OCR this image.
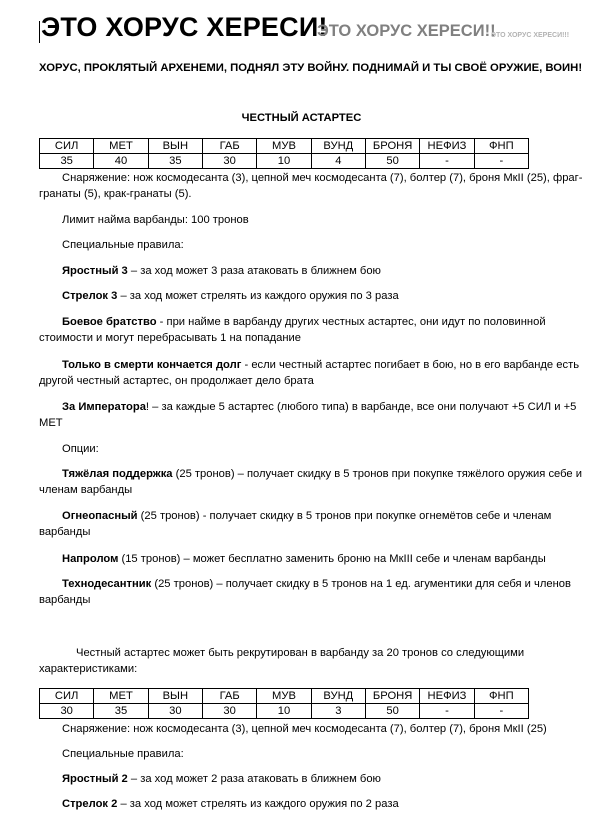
ЭТО ХОРУС ХЕРЕСИ!
ЭТО ХОРУС ХЕРЕСИ!!
ЭТО ХОРУС ХЕРЕСИ!!!
ХОРУС, ПРОКЛЯТЫЙ АРХЕНЕМИ, ПОДНЯЛ ЭТУ ВОЙНУ. ПОДНИМАЙ И ТЫ СВОЁ ОРУЖИЕ, ВОИН!
ЧЕСТНЫЙ АСТАРТЕС
СИЛ	МЕТ	ВЫН	ГАБ	МУВ	ВУНД	БРОНЯ	НЕФИЗ	ФНП
35	40	35	30	10	4	50	-	-
Снаряжение: нож космодесанта (3), цепной меч космодесанта (7), болтер (7), броня МкII (25), фраг-гранаты (5), крак-гранаты (5).
Лимит найма варбанды: 100 тронов
Специальные правила:
Яростный 3 – за ход может 3 раза атаковать в ближнем бою
Стрелок 3 – за ход может стрелять из каждого оружия по 3 раза
Боевое братство - при найме в варбанду других честных астартес, они идут по половинной стоимости и могут перебрасывать 1 на попадание
Только в смерти кончается долг - если честный астартес погибает в бою, но в его варбанде есть другой честный астартес, он продолжает дело брата
За Императора! – за каждые 5 астартес (любого типа) в варбанде, все они получают +5 СИЛ и +5 МЕТ
Опции:
Тяжёлая поддержка (25 тронов) – получает скидку в 5 тронов при покупке тяжёлого оружия себе и членам варбанды
Огнеопасный (25 тронов) - получает скидку в 5 тронов при покупке огнемётов себе и членам варбанды
Напролом (15 тронов) – может бесплатно заменить броню на МкIII себе и членам варбанды
Технодесантник (25 тронов) – получает скидку в 5 тронов на 1 ед. агументики для себя и членов варбанды
Честный астартес может быть рекрутирован в варбанду за 20 тронов со следующими характеристиками:
СИЛ	МЕТ	ВЫН	ГАБ	МУВ	ВУНД	БРОНЯ	НЕФИЗ	ФНП
30	35	30	30	10	3	50	-	-
Снаряжение: нож космодесанта (3), цепной меч космодесанта (7), болтер (7), броня МкII (25)
Специальные правила:
Яростный 2 – за ход может 2 раза атаковать в ближнем бою
Стрелок 2 – за ход может стрелять из каждого оружия по 2 раза
